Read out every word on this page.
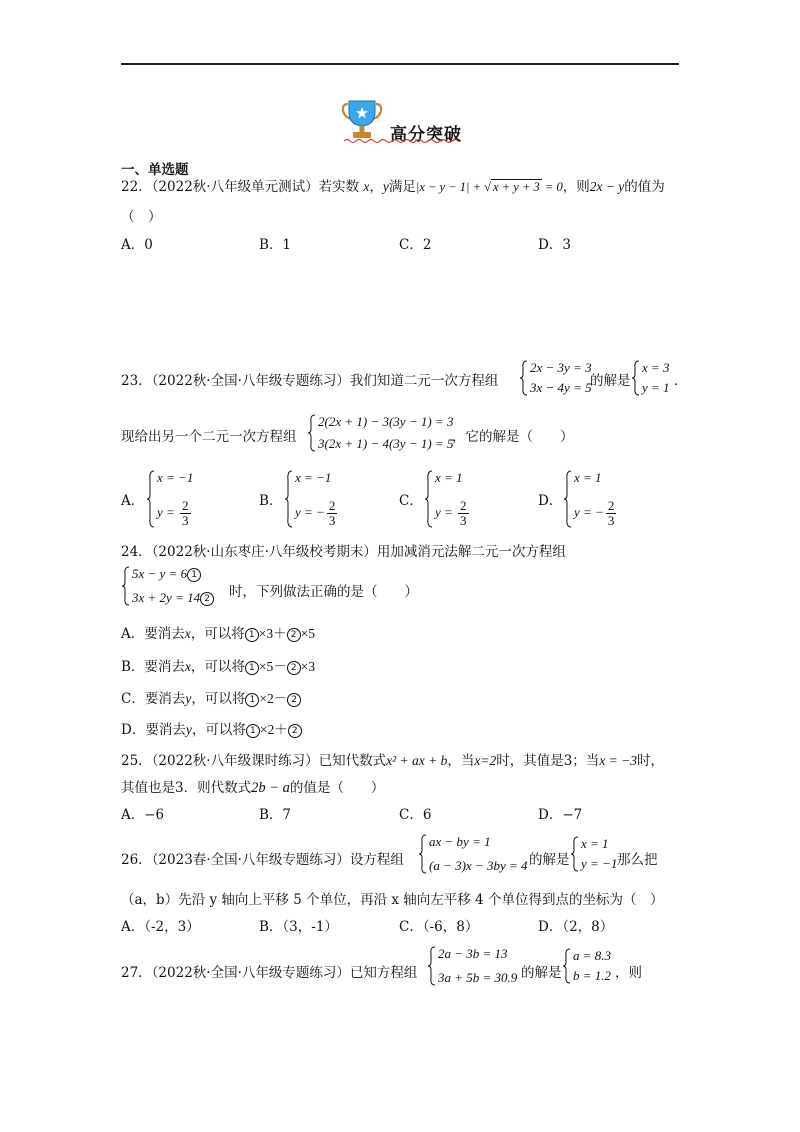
高分突破
一、单选题
22．（2022秋·八年级单元测试）若实数 x，y满足|x − y − 1| + √ x + y + 3 = 0，则2x − y的值为
（　）
A．0	B．1	C．2	D．3
23．（2022秋·全国·八年级专题练习）我们知道二元一次方程组
2x − 3y = 3
3x − 4y = 5
的解是
x = 3
y = 1 ．
现给出另一个二元一次方程组
2(2x + 1) − 3(3y − 1) = 3
3(2x + 1) − 4(3y − 1) = 5
，它的解是（　　）
A．
x = −1
$y = \frac{2}{3}$	B．
x = −1
y = − $\frac{2}{3}$	C．
x = 1
$y = \frac{2}{3}$	D．
x = 1
y = − $\frac{2}{3}$
24．（2022秋·山东枣庄·八年级校考期末）用加减消元法解二元一次方程组
5x − y = 6 1
3x + 2y = 14 2	时，下列做法正确的是（　　）
A．要消去x，可以将 1 ×3＋ 2 ×5
B．要消去x，可以将 1 ×5－ 2 ×3
C．要消去y，可以将 1 ×2－ 2
D．要消去y，可以将 1 ×2＋ 2
25．（2022秋·八年级课时练习）已知代数式x² + ax + b，当x=2时，其值是3；当x = −3时，
其值也是3．则代数式2b − a的值是（　　）
A．−6	B．7	C．6	D．−7
26．（2023春·全国·八年级专题练习）设方程组
ax − by = 1
(a − 3)x − 3by = 4 的解是
x = 1
y = −1 那么把
（a，b）先沿 y 轴向上平移 5 个单位，再沿 x 轴向左平移 4 个单位得到点的坐标为（　）
A．（-2，3）	B．（3，-1）	C．（-6，8）	D．（2，8）
27．（2022秋·全国·八年级专题练习）已知方程组
2a − 3b = 13
3a + 5b = 30.9 的解是
a = 8.3
b = 1.2 ，则
